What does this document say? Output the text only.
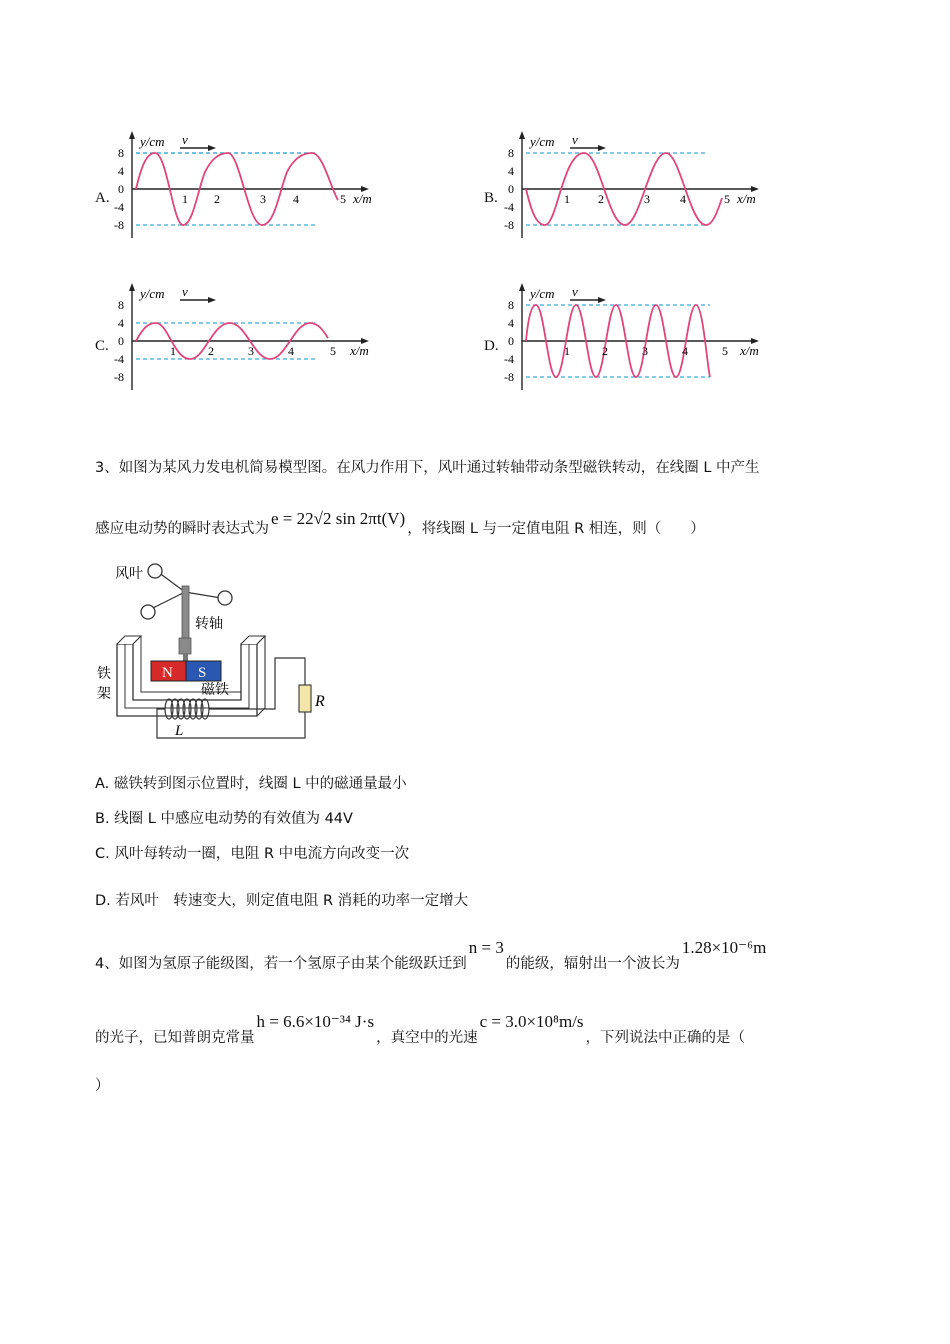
A.
y/cm v
8
4
0
-4
-8
1 2	3 4	5 x/m	B.
y/cm v
8
4
0
-4
-8
1 2	3	4	5 x/m
C.
y/cm v
8
4
0
-4
-8
1	2	3	4	5 x/m	D.
y/cm v
8
4
0
-4
-8
1	2	3	4	5 x/m
3、如图为某风力发电机简易模型图。在风力作用下，风叶通过转轴带动条型磁铁转动，在线圈 L 中产生
感应电动势的瞬时表达式为
e = 22√2 sin 2πt(V)
，将线圈 L 与一定值电阻 R 相连，则（　　）
风叶
转轴
铁
架
N S
磁铁
L
R
A. 磁铁转到图示位置时，线圈 L 中的磁通量最小
B. 线圈 L 中感应电动势的有效值为 44V
C. 风叶每转动一圈，电阻 R 中电流方向改变一次
D. 若风叶　转速变大，则定值电阻 R 消耗的功率一定增大
4、如图为氢原子能级图，若一个氢原子由某个能级跃迁到
n = 3
的能级，辐射出一个波长为
1.28×10⁻⁶m
的光子，已知普朗克常量
h = 6.6×10⁻³⁴ J·s
，真空中的光速
c = 3.0×10⁸m/s
，下列说法中正确的是（
）
